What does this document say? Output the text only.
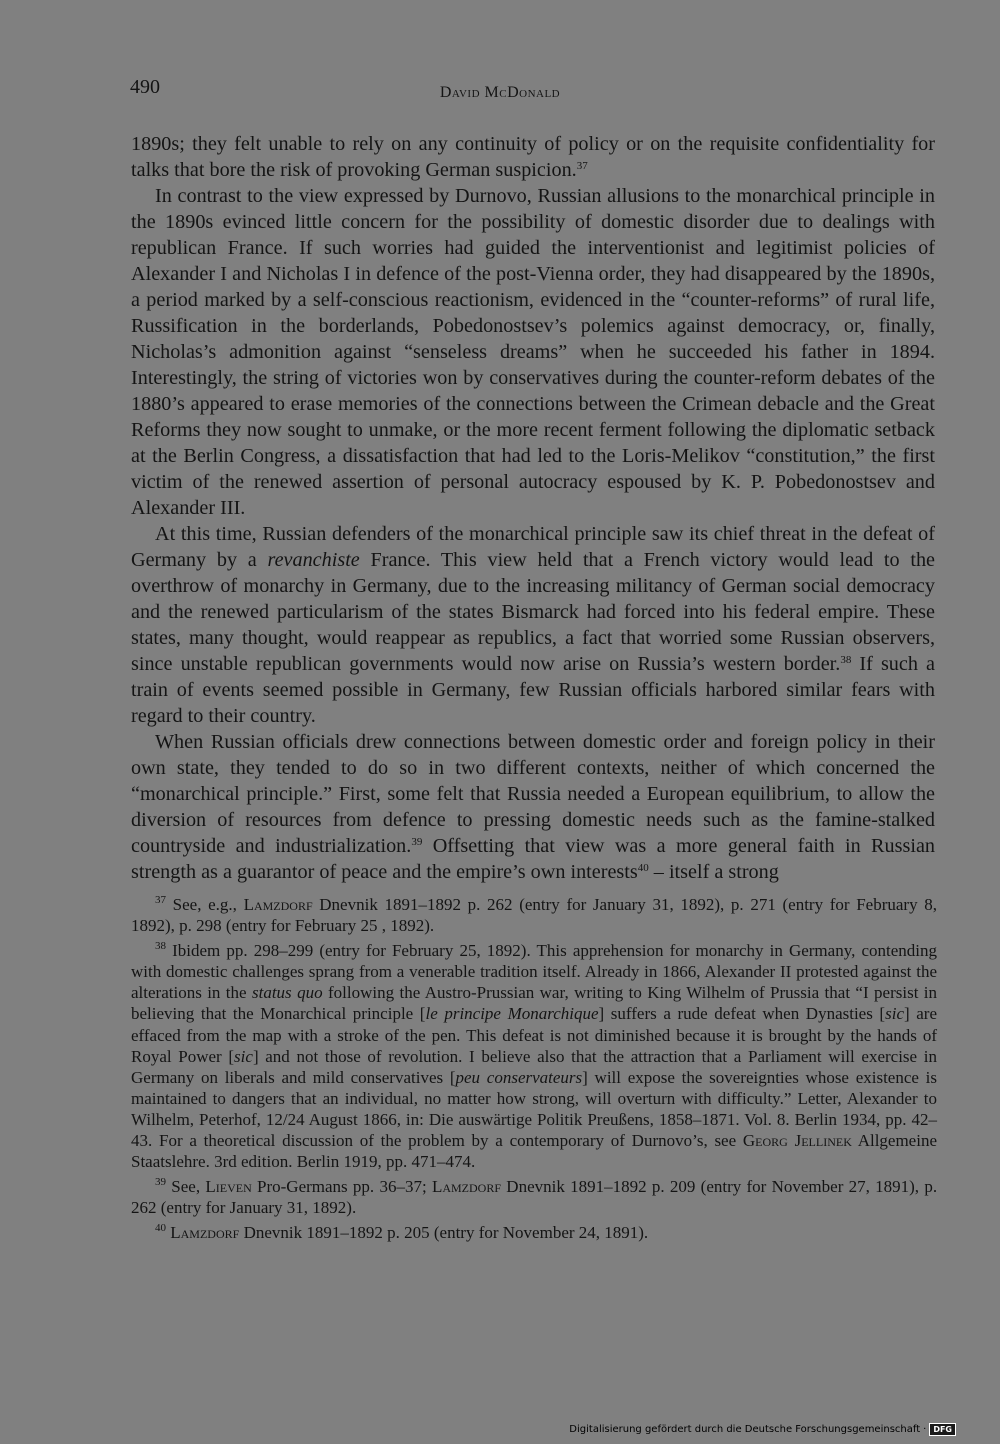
490	David McDonald

1890s; they felt unable to rely on any continuity of policy or on the requisite confidentiality for talks that bore the risk of provoking German suspicion.$^{37}$

In contrast to the view expressed by Durnovo, Russian allusions to the monarchical principle in the 1890s evinced little concern for the possibility of domestic disorder due to dealings with republican France. If such worries had guided the interventionist and legitimist policies of Alexander I and Nicholas I in defence of the post-Vienna order, they had disappeared by the 1890s, a period marked by a self-conscious reactionism, evidenced in the “counter-reforms” of rural life, Russification in the borderlands, Pobedonostsev’s polemics against democracy, or, finally, Nicholas’s admonition against “senseless dreams” when he succeeded his father in 1894. Interestingly, the string of victories won by conservatives during the counter-reform debates of the 1880’s appeared to erase memories of the connections between the Crimean debacle and the Great Reforms they now sought to unmake, or the more recent ferment following the diplomatic setback at the Berlin Congress, a dissatisfaction that had led to the Loris-Melikov “constitution,” the first victim of the renewed assertion of personal autocracy espoused by K. P. Pobedonostsev and Alexander III.

At this time, Russian defenders of the monarchical principle saw its chief threat in the defeat of Germany by a revanchiste France. This view held that a French victory would lead to the overthrow of monarchy in Germany, due to the increasing militancy of German social democracy and the renewed particularism of the states Bismarck had forced into his federal empire. These states, many thought, would reappear as republics, a fact that worried some Russian observers, since unstable republican governments would now arise on Russia’s western border.$^{38}$ If such a train of events seemed possible in Germany, few Russian officials harbored similar fears with regard to their country.

When Russian officials drew connections between domestic order and foreign policy in their own state, they tended to do so in two different contexts, neither of which concerned the “monarchical principle.” First, some felt that Russia needed a European equilibrium, to allow the diversion of resources from defence to pressing domestic needs such as the famine-stalked countryside and industrialization.$^{39}$ Offsetting that view was a more general faith in Russian strength as a guarantor of peace and the empire’s own interests$^{40}$ – itself a strong

$^{37}$ See, e.g., Lamzdorf Dnevnik 1891–1892 p. 262 (entry for January 31, 1892), p. 271 (entry for February 8, 1892), p. 298 (entry for February 25 , 1892).

$^{38}$ Ibidem pp. 298–299 (entry for February 25, 1892). This apprehension for monarchy in Germany, contending with domestic challenges sprang from a venerable tradition itself. Already in 1866, Alexander II protested against the alterations in the status quo following the Austro-Prussian war, writing to King Wilhelm of Prussia that “I persist in believing that the Monarchical principle [le principe Monarchique] suffers a rude defeat when Dynasties [sic] are effaced from the map with a stroke of the pen. This defeat is not diminished because it is brought by the hands of Royal Power [sic] and not those of revolution. I believe also that the attraction that a Parliament will exercise in Germany on liberals and mild conservatives [peu conservateurs] will expose the sovereignties whose existence is maintained to dangers that an individual, no matter how strong, will overturn with difficulty.” Letter, Alexander to Wilhelm, Peterhof, 12/24 August 1866, in: Die auswärtige Politik Preußens, 1858–1871. Vol. 8. Berlin 1934, pp. 42–43. For a theoretical discussion of the problem by a contemporary of Durnovo’s, see Georg Jellinek Allgemeine Staatslehre. 3rd edition. Berlin 1919, pp. 471–474.

$^{39}$ See, Lieven Pro-Germans pp. 36–37; Lamzdorf Dnevnik 1891–1892 p. 209 (entry for November 27, 1891), p. 262 (entry for January 31, 1892).

$^{40}$ Lamzdorf Dnevnik 1891–1892 p. 205 (entry for November 24, 1891).

Digitalisierung gefördert durch die Deutsche Forschungsgemeinschaft · DFG
